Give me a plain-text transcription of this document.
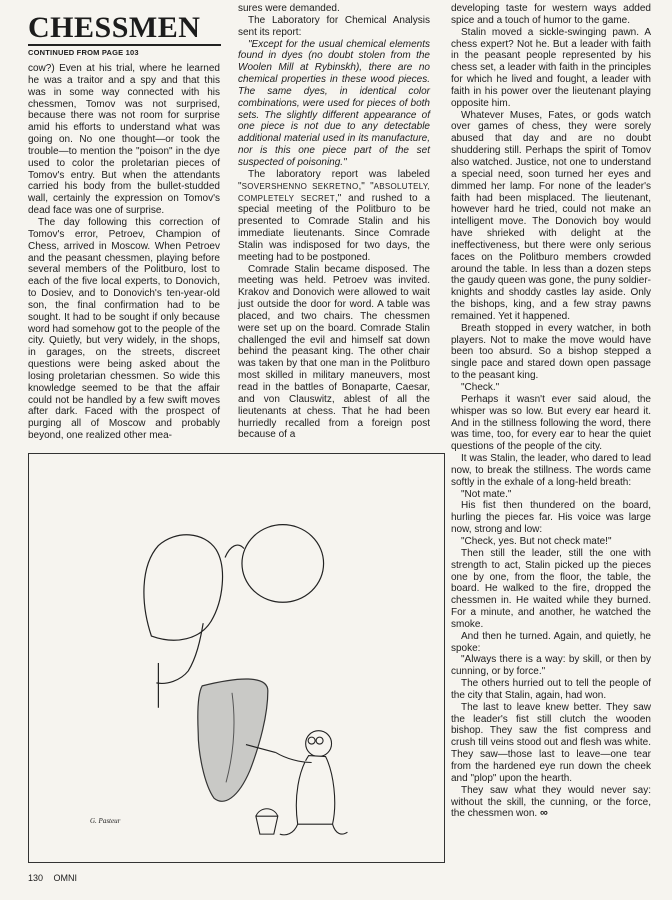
CHESSMEN
CONTINUED FROM PAGE 103

cow?) Even at his trial, where he learned he was a traitor and a spy and that this was in some way connected with his chessmen, Tomov was not surprised, because there was not room for surprise amid his efforts to understand what was going on. No one thought—or took the trouble—to mention the "poison" in the dye used to color the proletarian pieces of Tomov's entry. But when the attendants carried his body from the bullet-studded wall, certainly the expression on Tomov's dead face was one of surprise.

The day following this correction of Tomov's error, Petroev, Champion of Chess, arrived in Moscow. When Petroev and the peasant chessmen, playing before several members of the Politburo, lost to each of the five local experts, to Donovich, to Dosiev, and to Donovich's ten-year-old son, the final confirmation had to be sought. It had to be sought if only because word had somehow got to the people of the city. Quietly, but very widely, in the shops, in garages, on the streets, discreet questions were being asked about the losing proletarian chessmen. So wide this knowledge seemed to be that the affair could not be handled by a few swift moves after dark. Faced with the prospect of purging all of Moscow and probably beyond, one realized other mea-

sures were demanded.

The Laboratory for Chemical Analysis sent its report:

"Except for the usual chemical elements found in dyes (no doubt stolen from the Woolen Mill at Rybinskh), there are no chemical properties in these wood pieces. The same dyes, in identical color combinations, were used for pieces of both sets. The slightly different appearance of one piece is not due to any detectable additional material used in its manufacture, nor is this one piece part of the set suspected of poisoning."

The laboratory report was labeled "SOVERSHENNO SEKRETNO," "ABSOLUTELY, COMPLETELY SECRET," and rushed to a special meeting of the Politburo to be presented to Comrade Stalin and his immediate lieutenants. Since Comrade Stalin was indisposed for two days, the meeting had to be postponed.

Comrade Stalin became disposed. The meeting was held. Petroev was invited. Krakov and Donovich were allowed to wait just outside the door for word. A table was placed, and two chairs. The chessmen were set up on the board. Comrade Stalin challenged the evil and himself sat down behind the peasant king. The other chair was taken by that one man in the Politburo most skilled in military maneuvers, most read in the battles of Bonaparte, Caesar, and von Clauswitz, ablest of all the lieutenants at chess. That he had been hurriedly recalled from a foreign post because of a

developing taste for western ways added spice and a touch of humor to the game.

Stalin moved a sickle-swinging pawn. A chess expert? Not he. But a leader with faith in the peasant people represented by his chess set, a leader with faith in the principles for which he lived and fought, a leader with faith in his power over the lieutenant playing opposite him.

Whatever Muses, Fates, or gods watch over games of chess, they were sorely abused that day and are no doubt shuddering still. Perhaps the spirit of Tomov also watched. Justice, not one to understand a special need, soon turned her eyes and dimmed her lamp. For none of the leader's faith had been misplaced. The lieutenant, however hard he tried, could not make an intelligent move. The Donovich boy would have shrieked with delight at the ineffectiveness, but there were only serious faces on the Politburo members crowded around the table. In less than a dozen steps the gaudy queen was gone, the puny soldier-knights and shoddy castles lay aside. Only the bishops, king, and a few stray pawns remained. Yet it happened.

Breath stopped in every watcher, in both players. Not to make the move would have been too absurd. So a bishop stepped a single pace and stared down open passage to the peasant king.

"Check."

Perhaps it wasn't ever said aloud, the whisper was so low. But every ear heard it. And in the stillness following the word, there was time, too, for every ear to hear the quiet questions of the people of the city.

It was Stalin, the leader, who dared to lead now, to break the stillness. The words came softly in the exhale of a long-held breath:

"Not mate."

His fist then thundered on the board, hurling the pieces far. His voice was large now, strong and low:

"Check, yes. But not check mate!"

Then still the leader, still the one with strength to act, Stalin picked up the pieces one by one, from the floor, the table, the board. He walked to the fire, dropped the chessmen in. He waited while they burned. For a minute, and another, he watched the smoke.

And then he turned. Again, and quietly, he spoke:

"Always there is a way: by skill, or then by cunning, or by force."

The others hurried out to tell the people of the city that Stalin, again, had won.

The last to leave knew better. They saw the leader's fist still clutch the wooden bishop. They saw the fist compress and crush till veins stood out and flesh was white. They saw—those last to leave—one tear from the hardened eye run down the cheek and "plop" upon the hearth.

They saw what they would never say: without the skill, the cunning, or the force, the chessmen won. ∞

G. Pasteur
130 OMNI
